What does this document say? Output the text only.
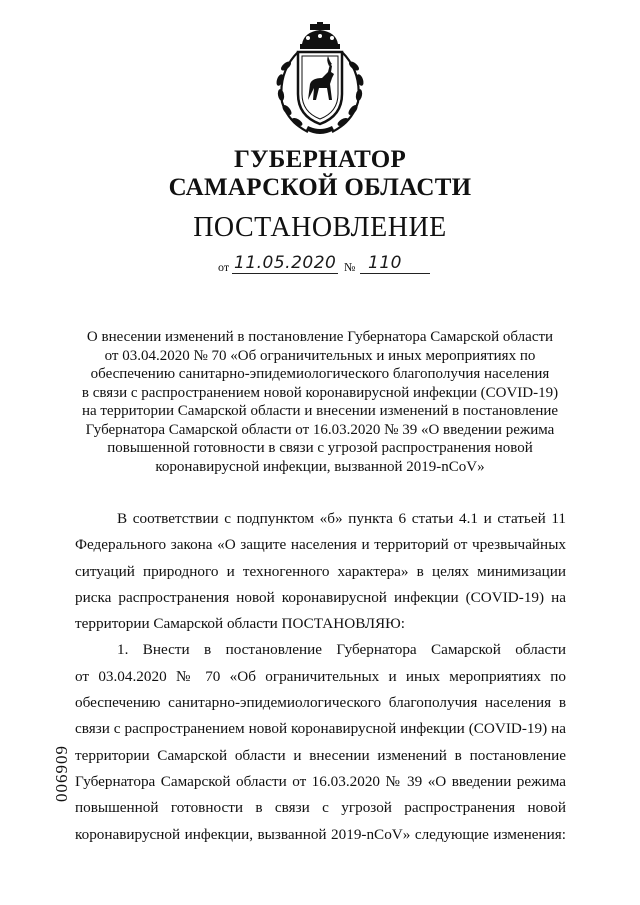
ГУБЕРНАТОР
САМАРСКОЙ ОБЛАСТИ
ПОСТАНОВЛЕНИЕ
от 11.05.2020 № 110
О внесении изменений в постановление Губернатора Самарской области
от 03.04.2020 № 70 «Об ограничительных и иных мероприятиях по
обеспечению санитарно-эпидемиологического благополучия населения
в связи с распространением новой коронавирусной инфекции (COVID-19)
на территории Самарской области и внесении изменений в постановление
Губернатора Самарской области от 16.03.2020 № 39 «О введении режима
повышенной готовности в связи с угрозой распространения новой
коронавирусной инфекции, вызванной 2019-nCoV»
В соответствии с подпунктом «б» пункта 6 статьи 4.1 и статьей 11
Федерального закона «О защите населения и территорий от чрезвычайных
ситуаций природного и техногенного характера» в целях минимизации
риска распространения новой коронавирусной инфекции (COVID-19) на
территории Самарской области ПОСТАНОВЛЯЮ:
1. Внести в постановление Губернатора Самарской области
от 03.04.2020 № 70 «Об ограничительных и иных мероприятиях по
обеспечению санитарно-эпидемиологического благополучия населения в
связи с распространением новой коронавирусной инфекции (COVID-19) на
территории Самарской области и внесении изменений в постановление
Губернатора Самарской области от 16.03.2020 № 39 «О введении режима
повышенной готовности в связи с угрозой распространения новой
коронавирусной инфекции, вызванной 2019-nCoV» следующие изменения:
006909
